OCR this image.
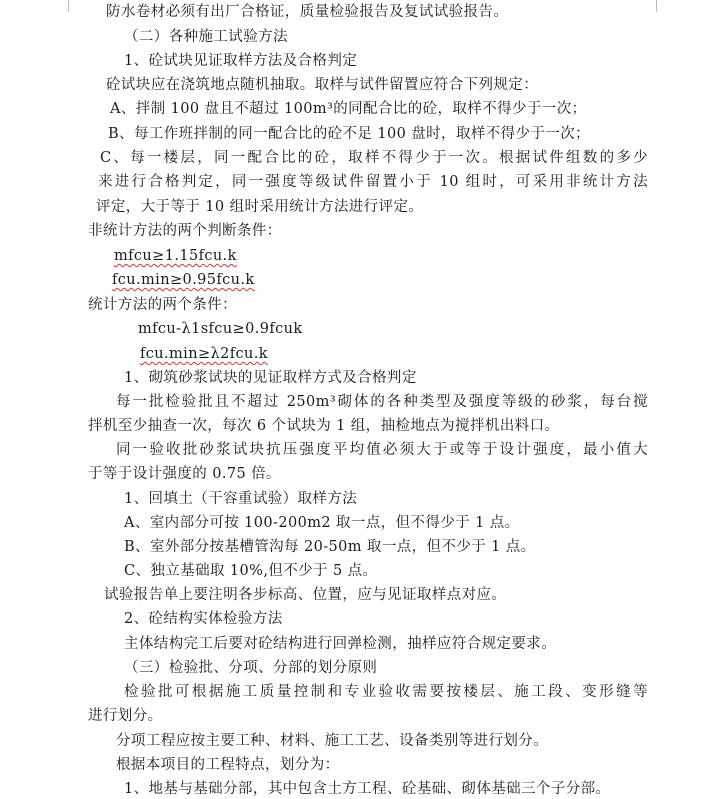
防水卷材必须有出厂合格证，质量检验报告及复试试验报告。
（二）各种施工试验方法
1、砼试块见证取样方法及合格判定
砼试块应在浇筑地点随机抽取。取样与试件留置应符合下列规定：
A、拌制 100 盘且不超过 100m³的同配合比的砼，取样不得少于一次；
B、每工作班拌制的同一配合比的砼不足 100 盘时，取样不得少于一次；
C、每一楼层，同一配合比的砼，取样不得少于一次。根据试件组数的多少
来进行合格判定，同一强度等级试件留置小于 10 组时，可采用非统计方法
评定，大于等于 10 组时采用统计方法进行评定。
非统计方法的两个判断条件：
mfcu≥1.15fcu.k
fcu.min≥0.95fcu.k
统计方法的两个条件：
mfcu-λ1sfcu≥0.9fcuk
fcu.min≥λ2fcu.k
1、砌筑砂浆试块的见证取样方式及合格判定
每一批检验批且不超过 250m³砌体的各种类型及强度等级的砂浆，每台搅
拌机至少抽查一次，每次 6 个试块为 1 组，抽检地点为搅拌机出料口。
同一验收批砂浆试块抗压强度平均值必须大于或等于设计强度，最小值大
于等于设计强度的 0.75 倍。
1、回填土（干容重试验）取样方法
A、室内部分可按 100-200m2 取一点，但不得少于 1 点。
B、室外部分按基槽管沟每 20-50m 取一点，但不少于 1 点。
C、独立基础取 10%,但不少于 5 点。
试验报告单上要注明各步标高、位置，应与见证取样点对应。
2、砼结构实体检验方法
主体结构完工后要对砼结构进行回弹检测，抽样应符合规定要求。
（三）检验批、分项、分部的划分原则
检验批可根据施工质量控制和专业验收需要按楼层、施工段、变形缝等
进行划分。
分项工程应按主要工种、材料、施工工艺、设备类别等进行划分。
根据本项目的工程特点，划分为：
1、地基与基础分部，其中包含土方工程、砼基础、砌体基础三个子分部。
